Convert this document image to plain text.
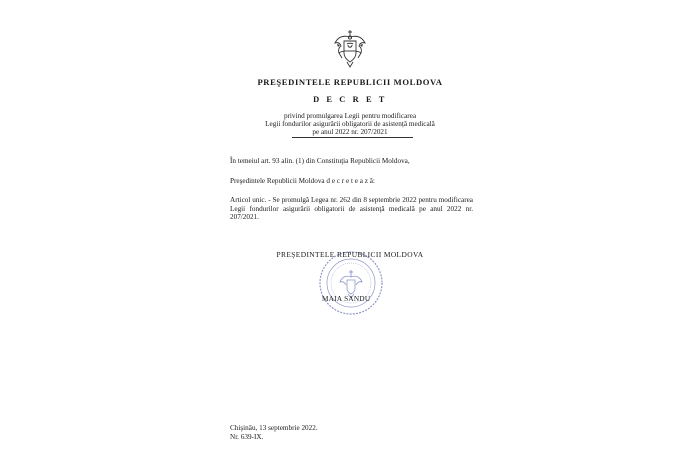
PREŞEDINTELE REPUBLICII MOLDOVA
D E C R E T
privind promulgarea Legii pentru modificarea
Legii fondurilor asigurării obligatorii de asistență medicală
pe anul 2022 nr. 207/2021
În temeiul art. 93 alin. (1) din Constituţia Republicii Moldova,
Preşedintele Republicii Moldova d e c r e t e a z ă:
Articol unic. - Se promulgă Legea nr. 262 din 8 septembrie 2022 pentru modificarea Legii fondurilor asigurării obligatorii de asistenţă medicală pe anul 2022 nr. 207/2021.
PREŞEDINTELE REPUBLICII MOLDOVA
MAIA SANDU
Chişinău, 13 septembrie 2022.
Nr. 639-IX.
